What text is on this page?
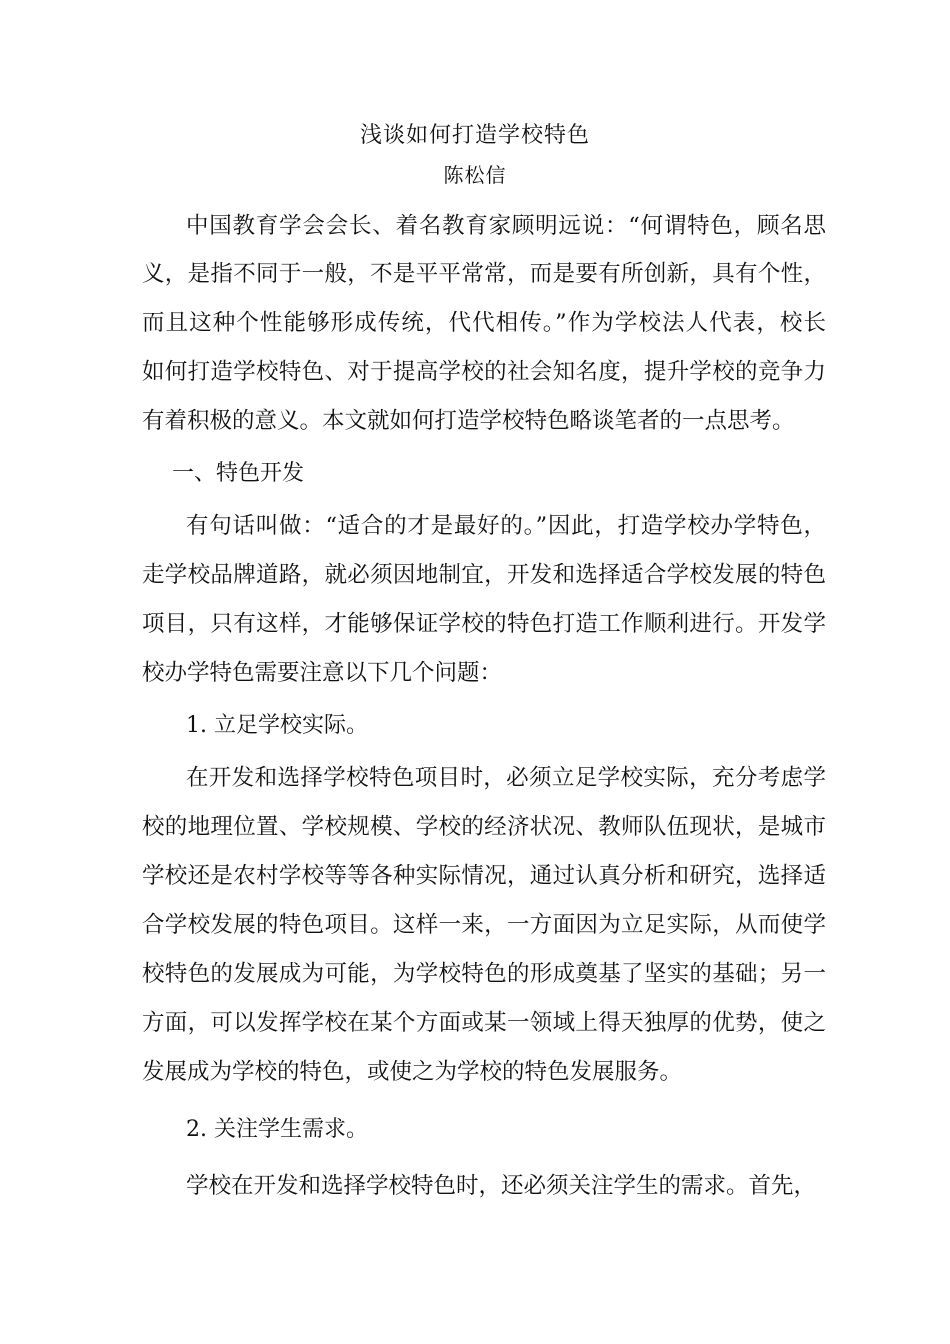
浅谈如何打造学校特色
陈松信
中国教育学会会长、着名教育家顾明远说：“何谓特色，顾名思
义，是指不同于一般，不是平平常常，而是要有所创新，具有个性，
而且这种个性能够形成传统，代代相传。”作为学校法人代表，校长
如何打造学校特色、对于提高学校的社会知名度，提升学校的竞争力
有着积极的意义。本文就如何打造学校特色略谈笔者的一点思考。
一、特色开发
有句话叫做：“适合的才是最好的。”因此，打造学校办学特色，
走学校品牌道路，就必须因地制宜，开发和选择适合学校发展的特色
项目，只有这样，才能够保证学校的特色打造工作顺利进行。开发学
校办学特色需要注意以下几个问题：
1. 立足学校实际。
在开发和选择学校特色项目时，必须立足学校实际，充分考虑学
校的地理位置、学校规模、学校的经济状况、教师队伍现状，是城市
学校还是农村学校等等各种实际情况，通过认真分析和研究，选择适
合学校发展的特色项目。这样一来，一方面因为立足实际，从而使学
校特色的发展成为可能，为学校特色的形成奠基了坚实的基础；另一
方面，可以发挥学校在某个方面或某一领域上得天独厚的优势，使之
发展成为学校的特色，或使之为学校的特色发展服务。
2. 关注学生需求。
学校在开发和选择学校特色时，还必须关注学生的需求。首先，
